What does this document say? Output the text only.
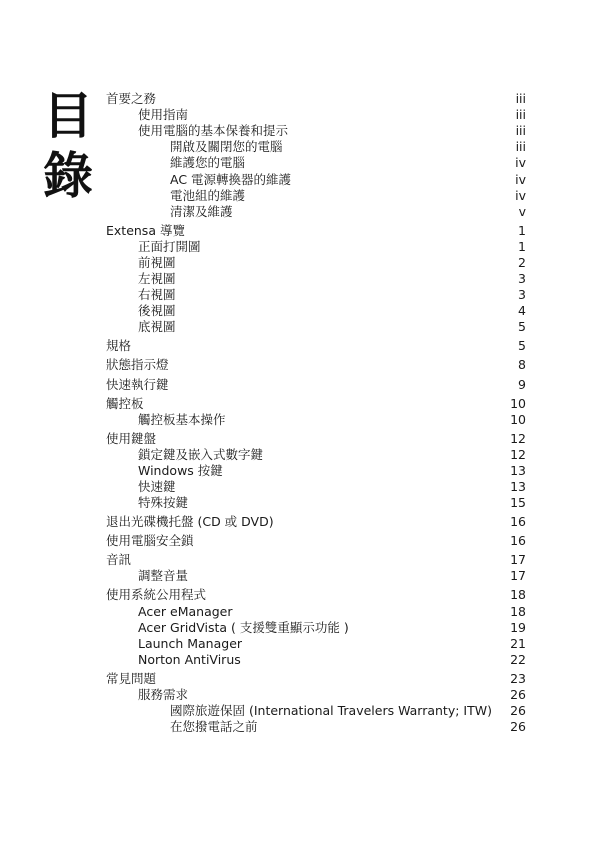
目
錄
首要之務	iii
使用指南	iii
使用電腦的基本保養和提示	iii
開啟及關閉您的電腦	iii
維護您的電腦	iv
AC 電源轉換器的維護	iv
電池組的維護	iv
清潔及維護	v
Extensa 導覽	1
正面打開圖	1
前視圖	2
左視圖	3
右視圖	3
後視圖	4
底視圖	5
規格	5
狀態指示燈	8
快速執行鍵	9
觸控板	10
觸控板基本操作	10
使用鍵盤	12
鎖定鍵及嵌入式數字鍵	12
Windows 按鍵	13
快速鍵	13
特殊按鍵	15
退出光碟機托盤 (CD 或 DVD)	16
使用電腦安全鎖	16
音訊	17
調整音量	17
使用系統公用程式	18
Acer eManager	18
Acer GridVista ( 支援雙重顯示功能 )	19
Launch Manager	21
Norton AntiVirus	22
常見問題	23
服務需求	26
國際旅遊保固 (International Travelers Warranty; ITW) 26
在您撥電話之前	26
